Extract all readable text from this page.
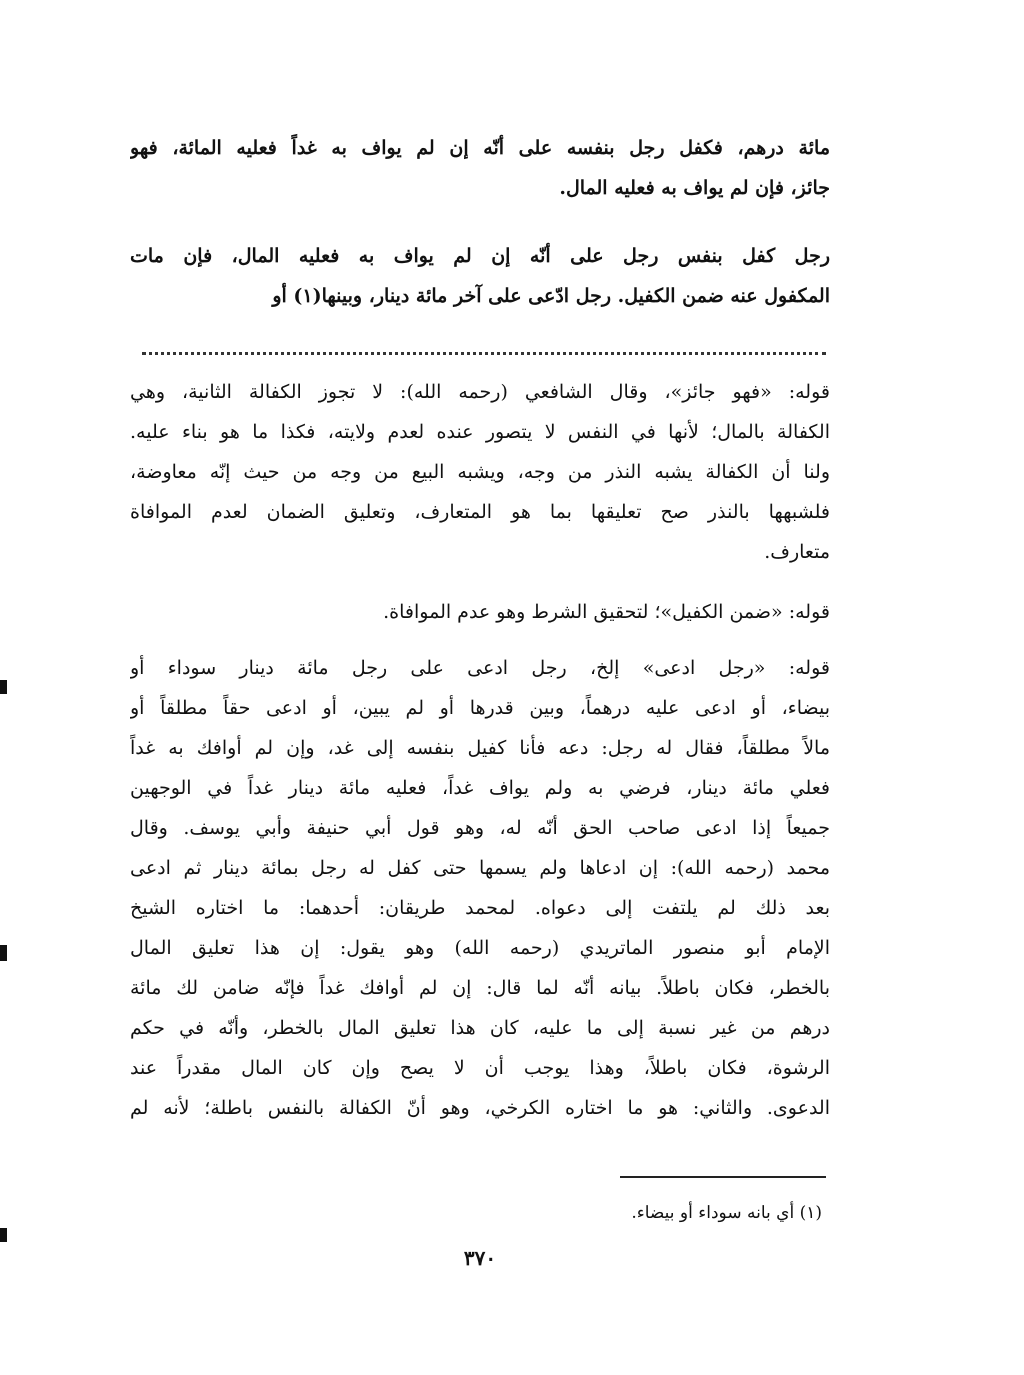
مائة درهم، فكفل رجل بنفسه على أنّه إن لم يواف به غداً فعليه المائة، فهو
جائز، فإن لم يواف به فعليه المال.
رجل كفل بنفس رجل على أنّه إن لم يواف به فعليه المال، فإن مات
المكفول عنه ضمن الكفيل. رجل ادّعى على آخر مائة دينار، وبينها(١) أو
قوله: «فهو جائز»، وقال الشافعي (رحمه الله): لا تجوز الكفالة الثانية، وهي
الكفالة بالمال؛ لأنها في النفس لا يتصور عنده لعدم ولايته، فكذا ما هو بناء عليه.
ولنا أن الكفالة يشبه النذر من وجه، ويشبه البيع من وجه من حيث إنّه معاوضة،
فلشبهها بالنذر صح تعليقها بما هو المتعارف، وتعليق الضمان لعدم الموافاة
متعارف.
قوله: «ضمن الكفيل»؛ لتحقيق الشرط وهو عدم الموافاة.
قوله: «رجل ادعى» إلخ، رجل ادعى على رجل مائة دينار سوداء أو
بيضاء، أو ادعى عليه درهماً، وبين قدرها أو لم يبين، أو ادعى حقاً مطلقاً أو
مالاً مطلقاً، فقال له رجل: دعه فأنا كفيل بنفسه إلى غد، وإن لم أوافك به غداً
فعلي مائة دينار، فرضي به ولم يواف غداً، فعليه مائة دينار غداً في الوجهين
جميعاً إذا ادعى صاحب الحق أنّه له، وهو قول أبي حنيفة وأبي يوسف. وقال
محمد (رحمه الله): إن ادعاها ولم يسمها حتى كفل له رجل بمائة دينار ثم ادعى
بعد ذلك لم يلتفت إلى دعواه. لمحمد طريقان: أحدهما: ما اختاره الشيخ
الإمام أبو منصور الماتريدي (رحمه الله) وهو يقول: إن هذا تعليق المال
بالخطر، فكان باطلاً. بيانه أنّه لما قال: إن لم أوافك غداً فإنّه ضامن لك مائة
درهم من غير نسبة إلى ما عليه، كان هذا تعليق المال بالخطر، وأنّه في حكم
الرشوة، فكان باطلاً، وهذا يوجب أن لا يصح وإن كان المال مقدراً عند
الدعوى. والثاني: هو ما اختاره الكرخي، وهو أنّ الكفالة بالنفس باطلة؛ لأنه لم
(١) أي بانه سوداء أو بيضاء.
٣٧٠
